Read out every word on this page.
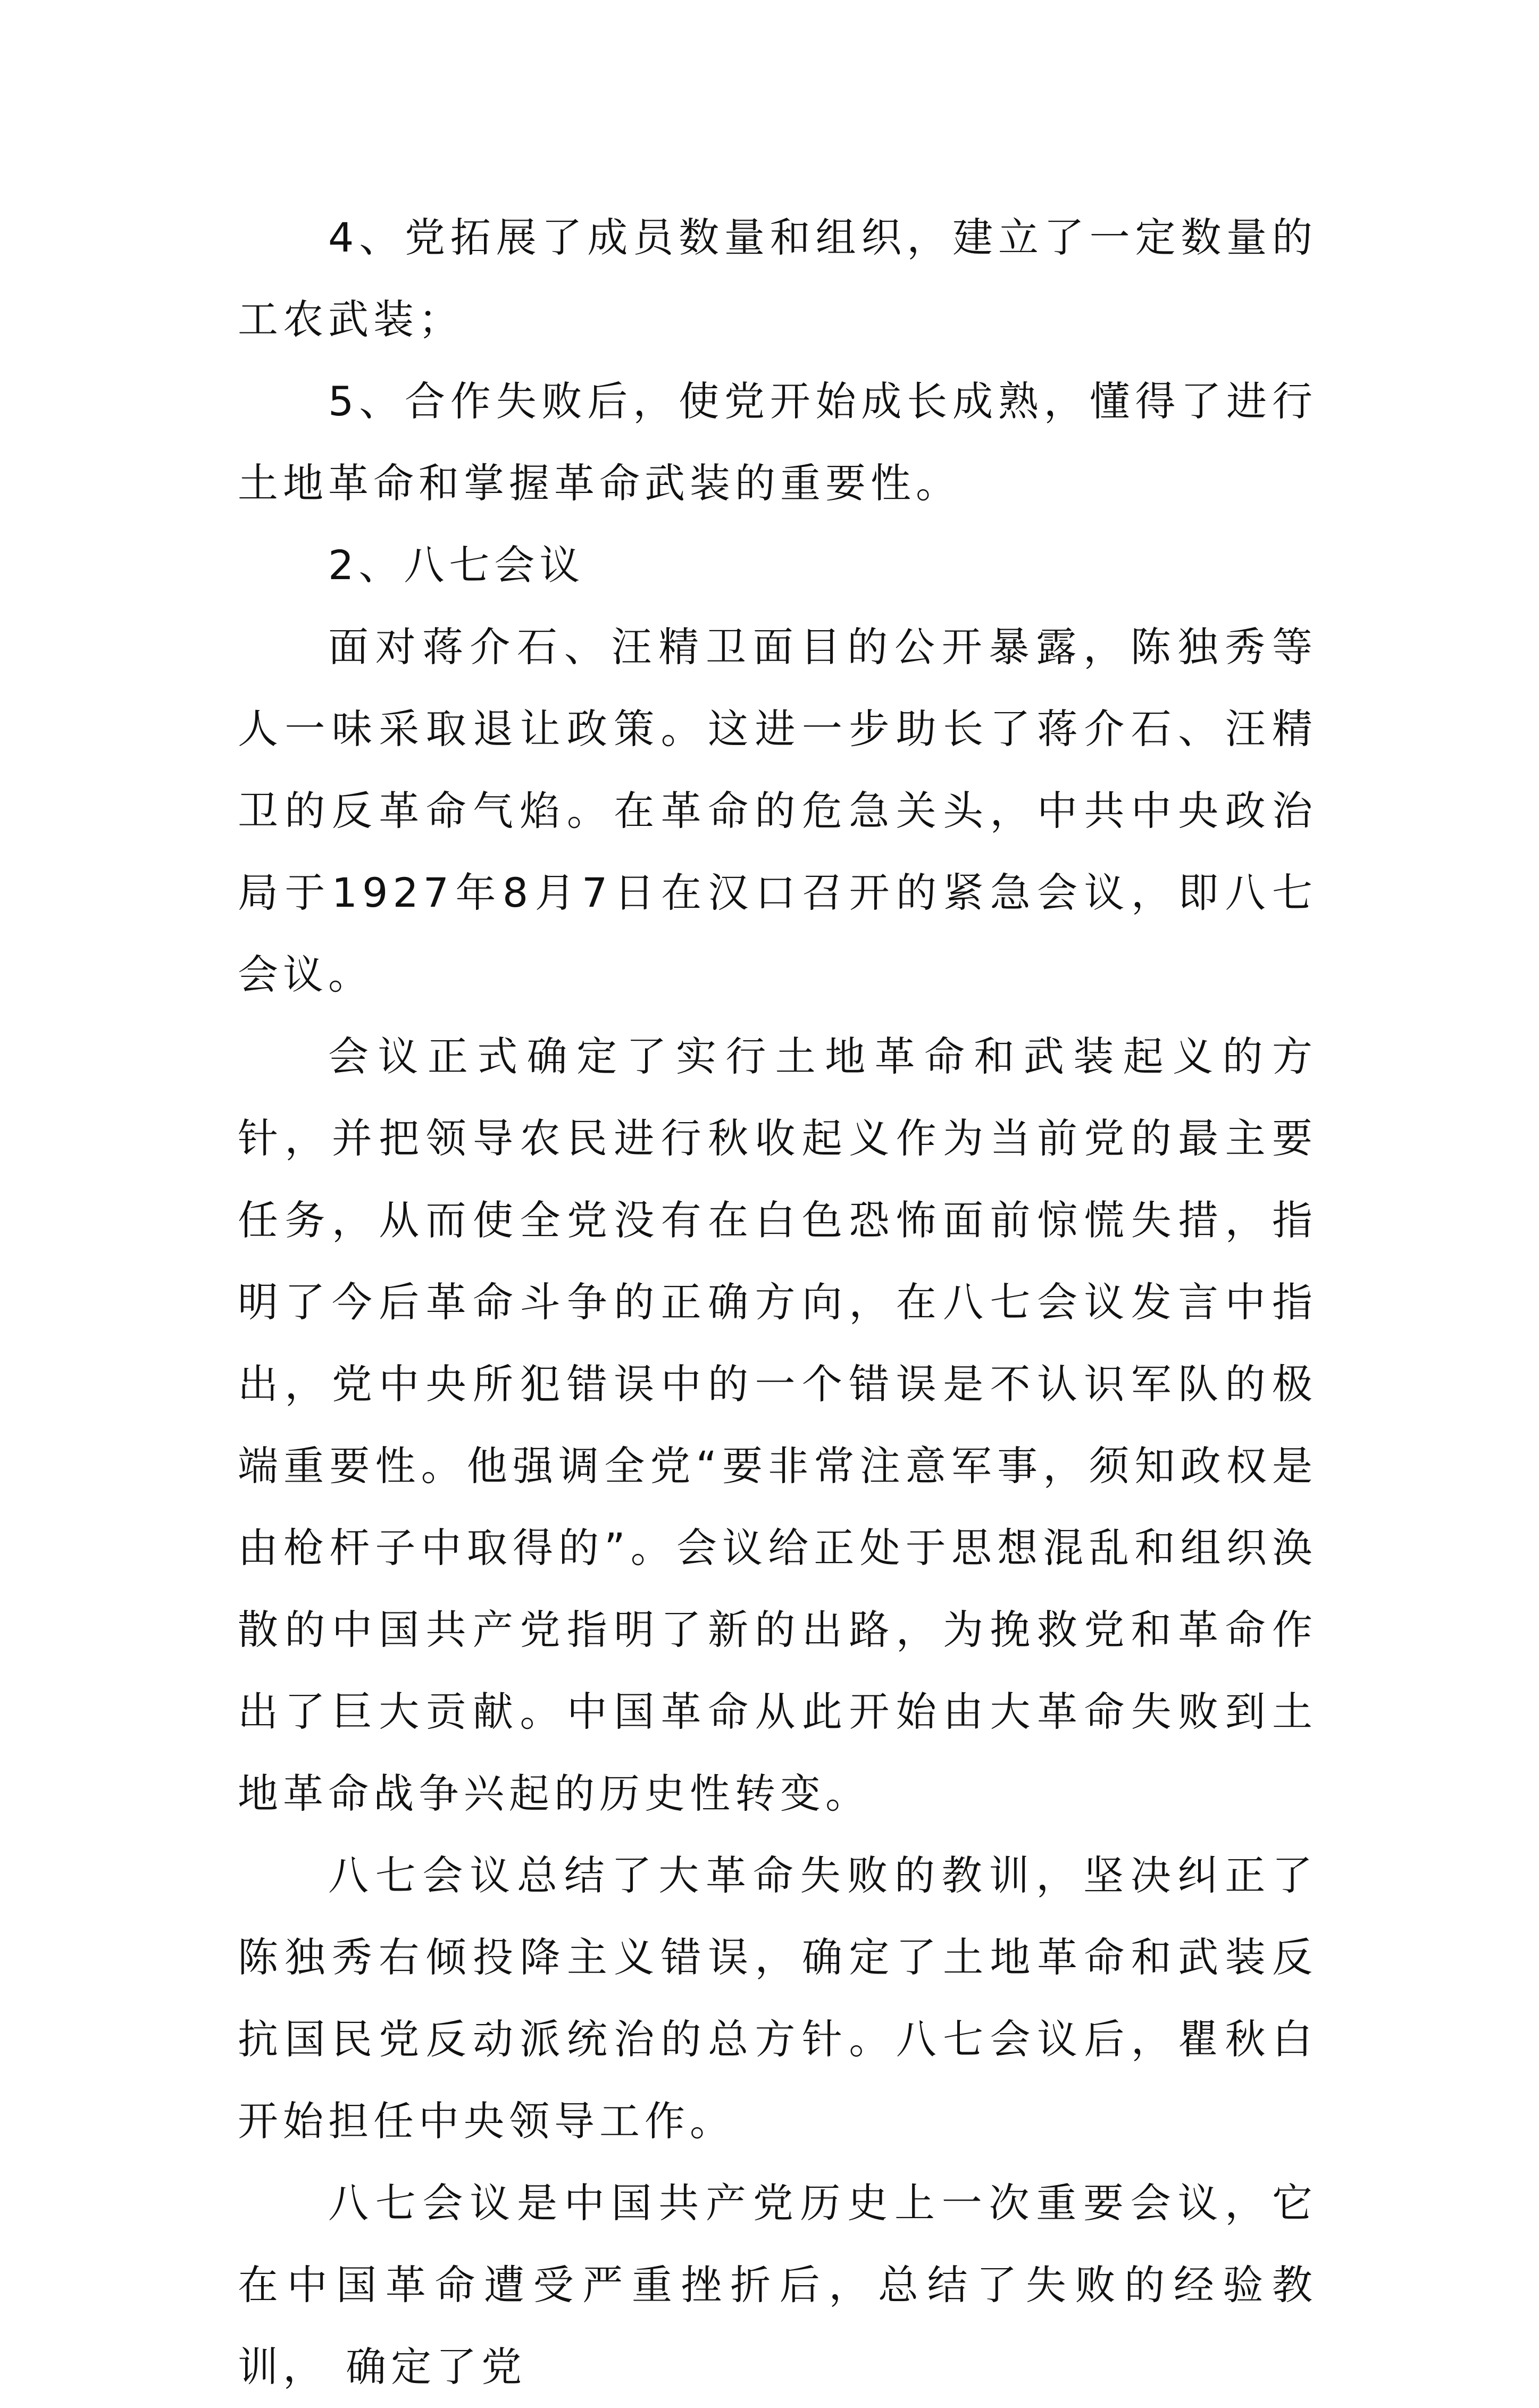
4、党拓展了成员数量和组织，建立了一定数量的工农武装；

5、合作失败后，使党开始成长成熟，懂得了进行土地革命和掌握革命武装的重要性。

2、八七会议

面对蒋介石、汪精卫面目的公开暴露，陈独秀等人一味采取退让政策。这进一步助长了蒋介石、汪精卫的反革命气焰。在革命的危急关头，中共中央政治局于1927年8月7日在汉口召开的紧急会议，即八七会议。

会议正式确定了实行土地革命和武装起义的方针，并把领导农民进行秋收起义作为当前党的最主要任务，从而使全党没有在白色恐怖面前惊慌失措，指明了今后革命斗争的正确方向，在八七会议发言中指出，党中央所犯错误中的一个错误是不认识军队的极端重要性。他强调全党“要非常注意军事，须知政权是由枪杆子中取得的”。会议给正处于思想混乱和组织涣散的中国共产党指明了新的出路，为挽救党和革命作出了巨大贡献。中国革命从此开始由大革命失败到土地革命战争兴起的历史性转变。

八七会议总结了大革命失败的教训，坚决纠正了陈独秀右倾投降主义错误，确定了土地革命和武装反抗国民党反动派统治的总方针。八七会议后，瞿秋白开始担任中央领导工作。

八七会议是中国共产党历史上一次重要会议，它在中国革命遭受严重挫折后，总结了失败的经验教训， 确定了党
